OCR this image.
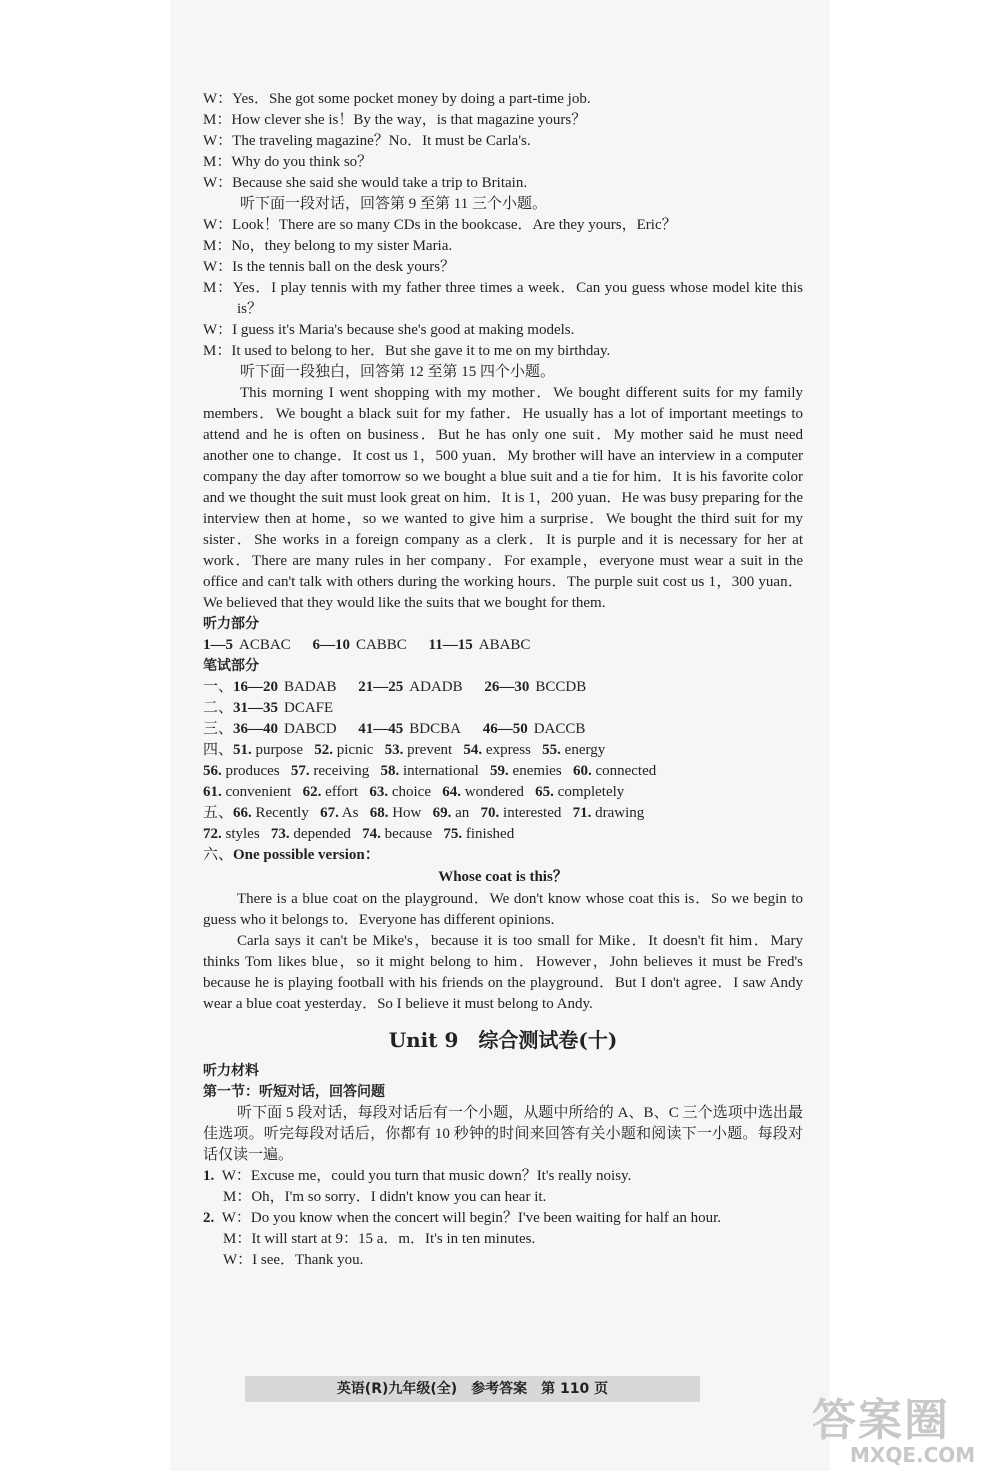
W：Yes．She got some pocket money by doing a part-time job.
M：How clever she is！By the way，is that magazine yours？
W：The traveling magazine？No．It must be Carla's.
M：Why do you think so？
W：Because she said she would take a trip to Britain.
听下面一段对话，回答第 9 至第 11 三个小题。
W：Look！There are so many CDs in the bookcase．Are they yours，Eric？
M：No，they belong to my sister Maria.
W：Is the tennis ball on the desk yours？
M：Yes．I play tennis with my father three times a week．Can you guess whose model kite this is？
W：I guess it's Maria's because she's good at making models.
M：It used to belong to her．But she gave it to me on my birthday.
听下面一段独白，回答第 12 至第 15 四个小题。
This morning I went shopping with my mother．We bought different suits for my family members．We bought a black suit for my father．He usually has a lot of important meetings to attend and he is often on business．But he has only one suit．My mother said he must need another one to change．It cost us 1，500 yuan．My brother will have an interview in a computer company the day after tomorrow so we bought a blue suit and a tie for him．It is his favorite color and we thought the suit must look great on him．It is 1，200 yuan．He was busy preparing for the interview then at home，so we wanted to give him a surprise．We bought the third suit for my sister．She works in a foreign company as a clerk．It is purple and it is necessary for her at work．There are many rules in her company．For example，everyone must wear a suit in the office and can't talk with others during the working hours．The purple suit cost us 1，300 yuan．We believed that they would like the suits that we bought for them.
听力部分
1—5 ACBAC 6—10 CABBC 11—15 ABABC
笔试部分
一、16—20 BADAB 21—25 ADADB 26—30 BCCDB
二、31—35 DCAFE
三、36—40 DABCD 41—45 BDCBA 46—50 DACCB
四、51. purpose 52. picnic 53. prevent 54. express 55. energy
56. produces 57. receiving 58. international 59. enemies 60. connected
61. convenient 62. effort 63. choice 64. wondered 65. completely
五、66. Recently 67. As 68. How 69. an 70. interested 71. drawing
72. styles 73. depended 74. because 75. finished
六、One possible version：
Whose coat is this？
There is a blue coat on the playground．We don't know whose coat this is．So we begin to guess who it belongs to．Everyone has different opinions.
Carla says it can't be Mike's，because it is too small for Mike．It doesn't fit him．Mary thinks Tom likes blue，so it might belong to him．However，John believes it must be Fred's because he is playing football with his friends on the playground．But I don't agree．I saw Andy wear a blue coat yesterday．So I believe it must belong to Andy.
Unit 9　综合测试卷(十)
听力材料
第一节：听短对话，回答问题
听下面 5 段对话，每段对话后有一个小题，从题中所给的 A、B、C 三个选项中选出最佳选项。听完每段对话后，你都有 10 秒钟的时间来回答有关小题和阅读下一小题。每段对话仅读一遍。
1. W：Excuse me，could you turn that music down？It's really noisy.
M：Oh，I'm so sorry．I didn't know you can hear it.
2. W：Do you know when the concert will begin？I've been waiting for half an hour.
M：It will start at 9：15 a．m．It's in ten minutes.
W：I see．Thank you.
英语(R)九年级(全)　参考答案　第 110 页
答案圈
MXQE.COM
